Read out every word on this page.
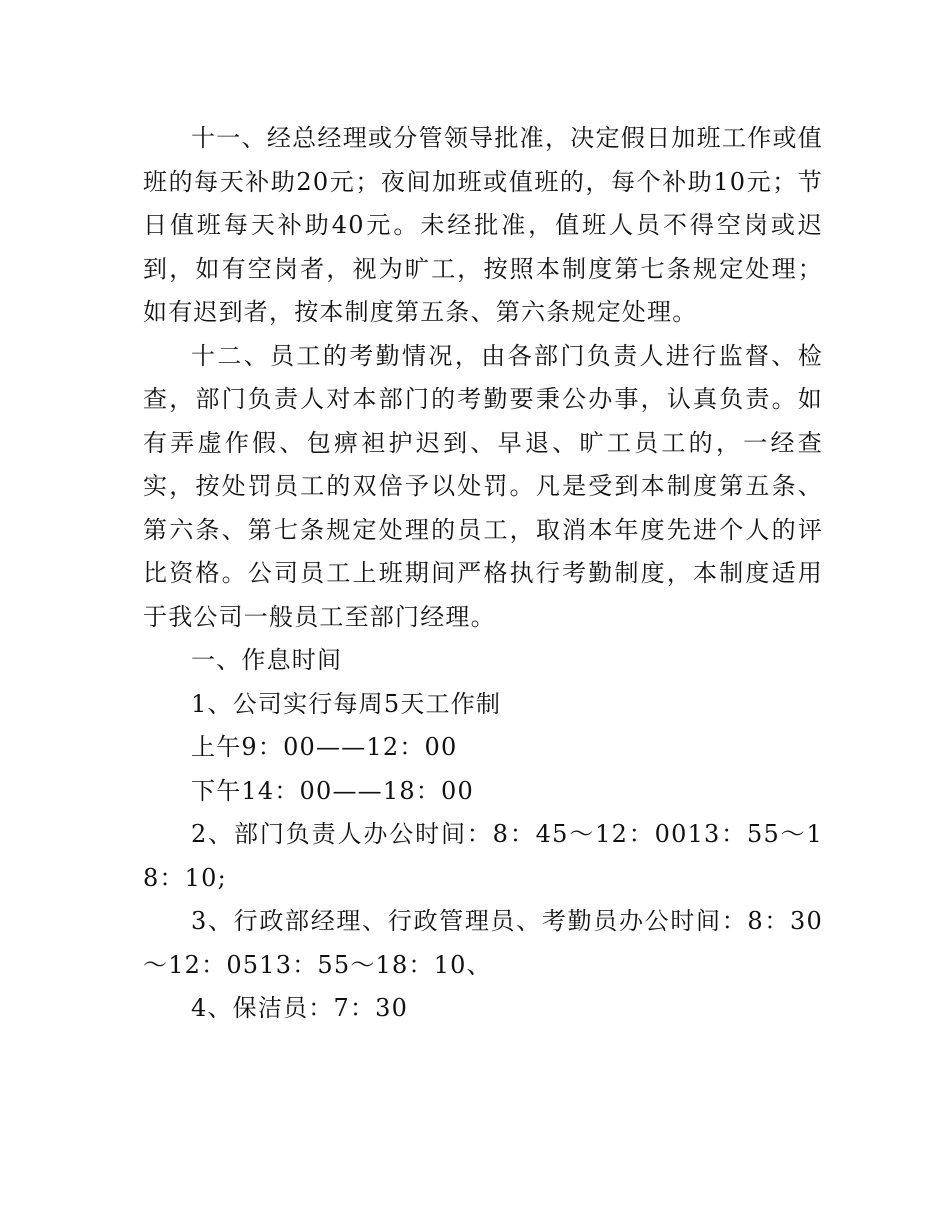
十一、经总经理或分管领导批准，决定假日加班工作或值班的每天补助20元；夜间加班或值班的，每个补助10元；节日值班每天补助40元。未经批准，值班人员不得空岗或迟到，如有空岗者，视为旷工，按照本制度第七条规定处理；如有迟到者，按本制度第五条、第六条规定处理。

十二、员工的考勤情况，由各部门负责人进行监督、检查，部门负责人对本部门的考勤要秉公办事，认真负责。如有弄虚作假、包痹袒护迟到、早退、旷工员工的，一经查实，按处罚员工的双倍予以处罚。凡是受到本制度第五条、第六条、第七条规定处理的员工，取消本年度先进个人的评比资格。公司员工上班期间严格执行考勤制度，本制度适用于我公司一般员工至部门经理。

一、作息时间

1、公司实行每周5天工作制

上午9：00——12：00

下午14：00——18：00

2、部门负责人办公时间：8：45～12：0013：55～18：10;

3、行政部经理、行政管理员、考勤员办公时间：8：30～12：0513：55～18：10、

4、保洁员：7：30
